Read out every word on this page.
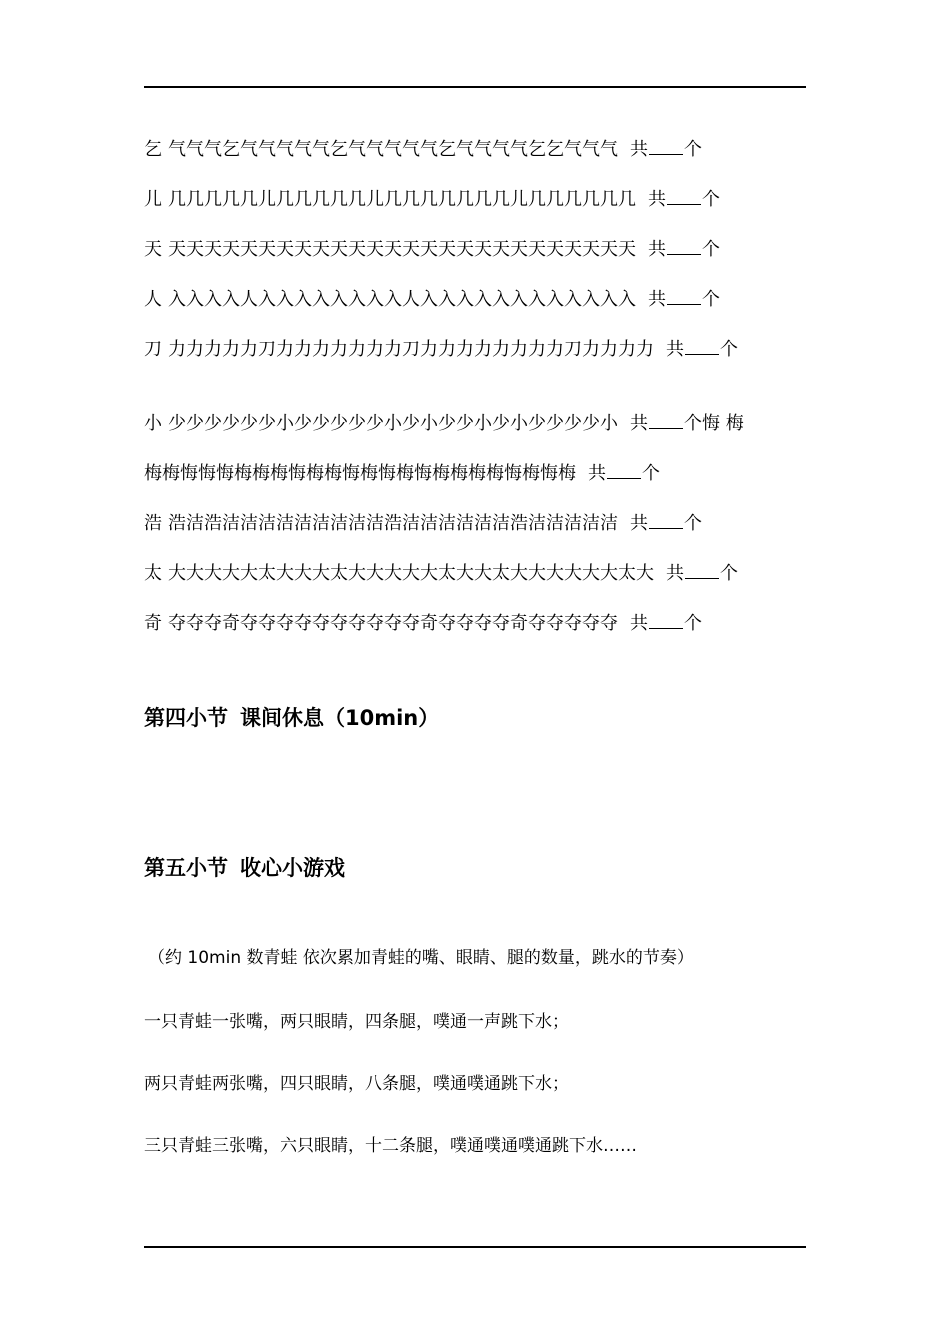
乞 气气气乞气气气气气乞气气气气气乞气气气气乞乞气气气 共 个
儿 几几几几几儿几几几几几儿几几几几几几几儿几几几几几几 共 个
天 天天天天天天天天天天天天天天天天天天天天天天天天天天 共 个
人 入入入入人入入入入入入入入人入入入入入入入入入入入入 共 个
刀 力力力力力刀力力力力力力力刀力力力力力力力力刀力力力力 共 个
小 少少少少少少小少少少少少小少小少少小少小少少少少小 共 个悔 梅
梅梅悔悔悔梅梅梅悔梅梅悔梅悔梅悔梅梅梅梅悔梅悔梅 共 个
浩 浩洁浩洁洁洁洁洁洁洁洁洁浩洁洁洁洁洁洁浩洁洁洁洁洁 共 个
太 大大大大大太大大大太大大大大大太大大太大大大大大大太大 共 个
奇 夺夺夺奇夺夺夺夺夺夺夺夺夺夺奇夺夺夺夺奇夺夺夺夺夺 共 个
第四小节 课间休息（10min）
第五小节 收心小游戏
（约 10min 数青蛙 依次累加青蛙的嘴、眼睛、腿的数量，跳水的节奏）
一只青蛙一张嘴，两只眼睛，四条腿，噗通一声跳下水；
两只青蛙两张嘴，四只眼睛，八条腿，噗通噗通跳下水；
三只青蛙三张嘴，六只眼睛，十二条腿，噗通噗通噗通跳下水……
